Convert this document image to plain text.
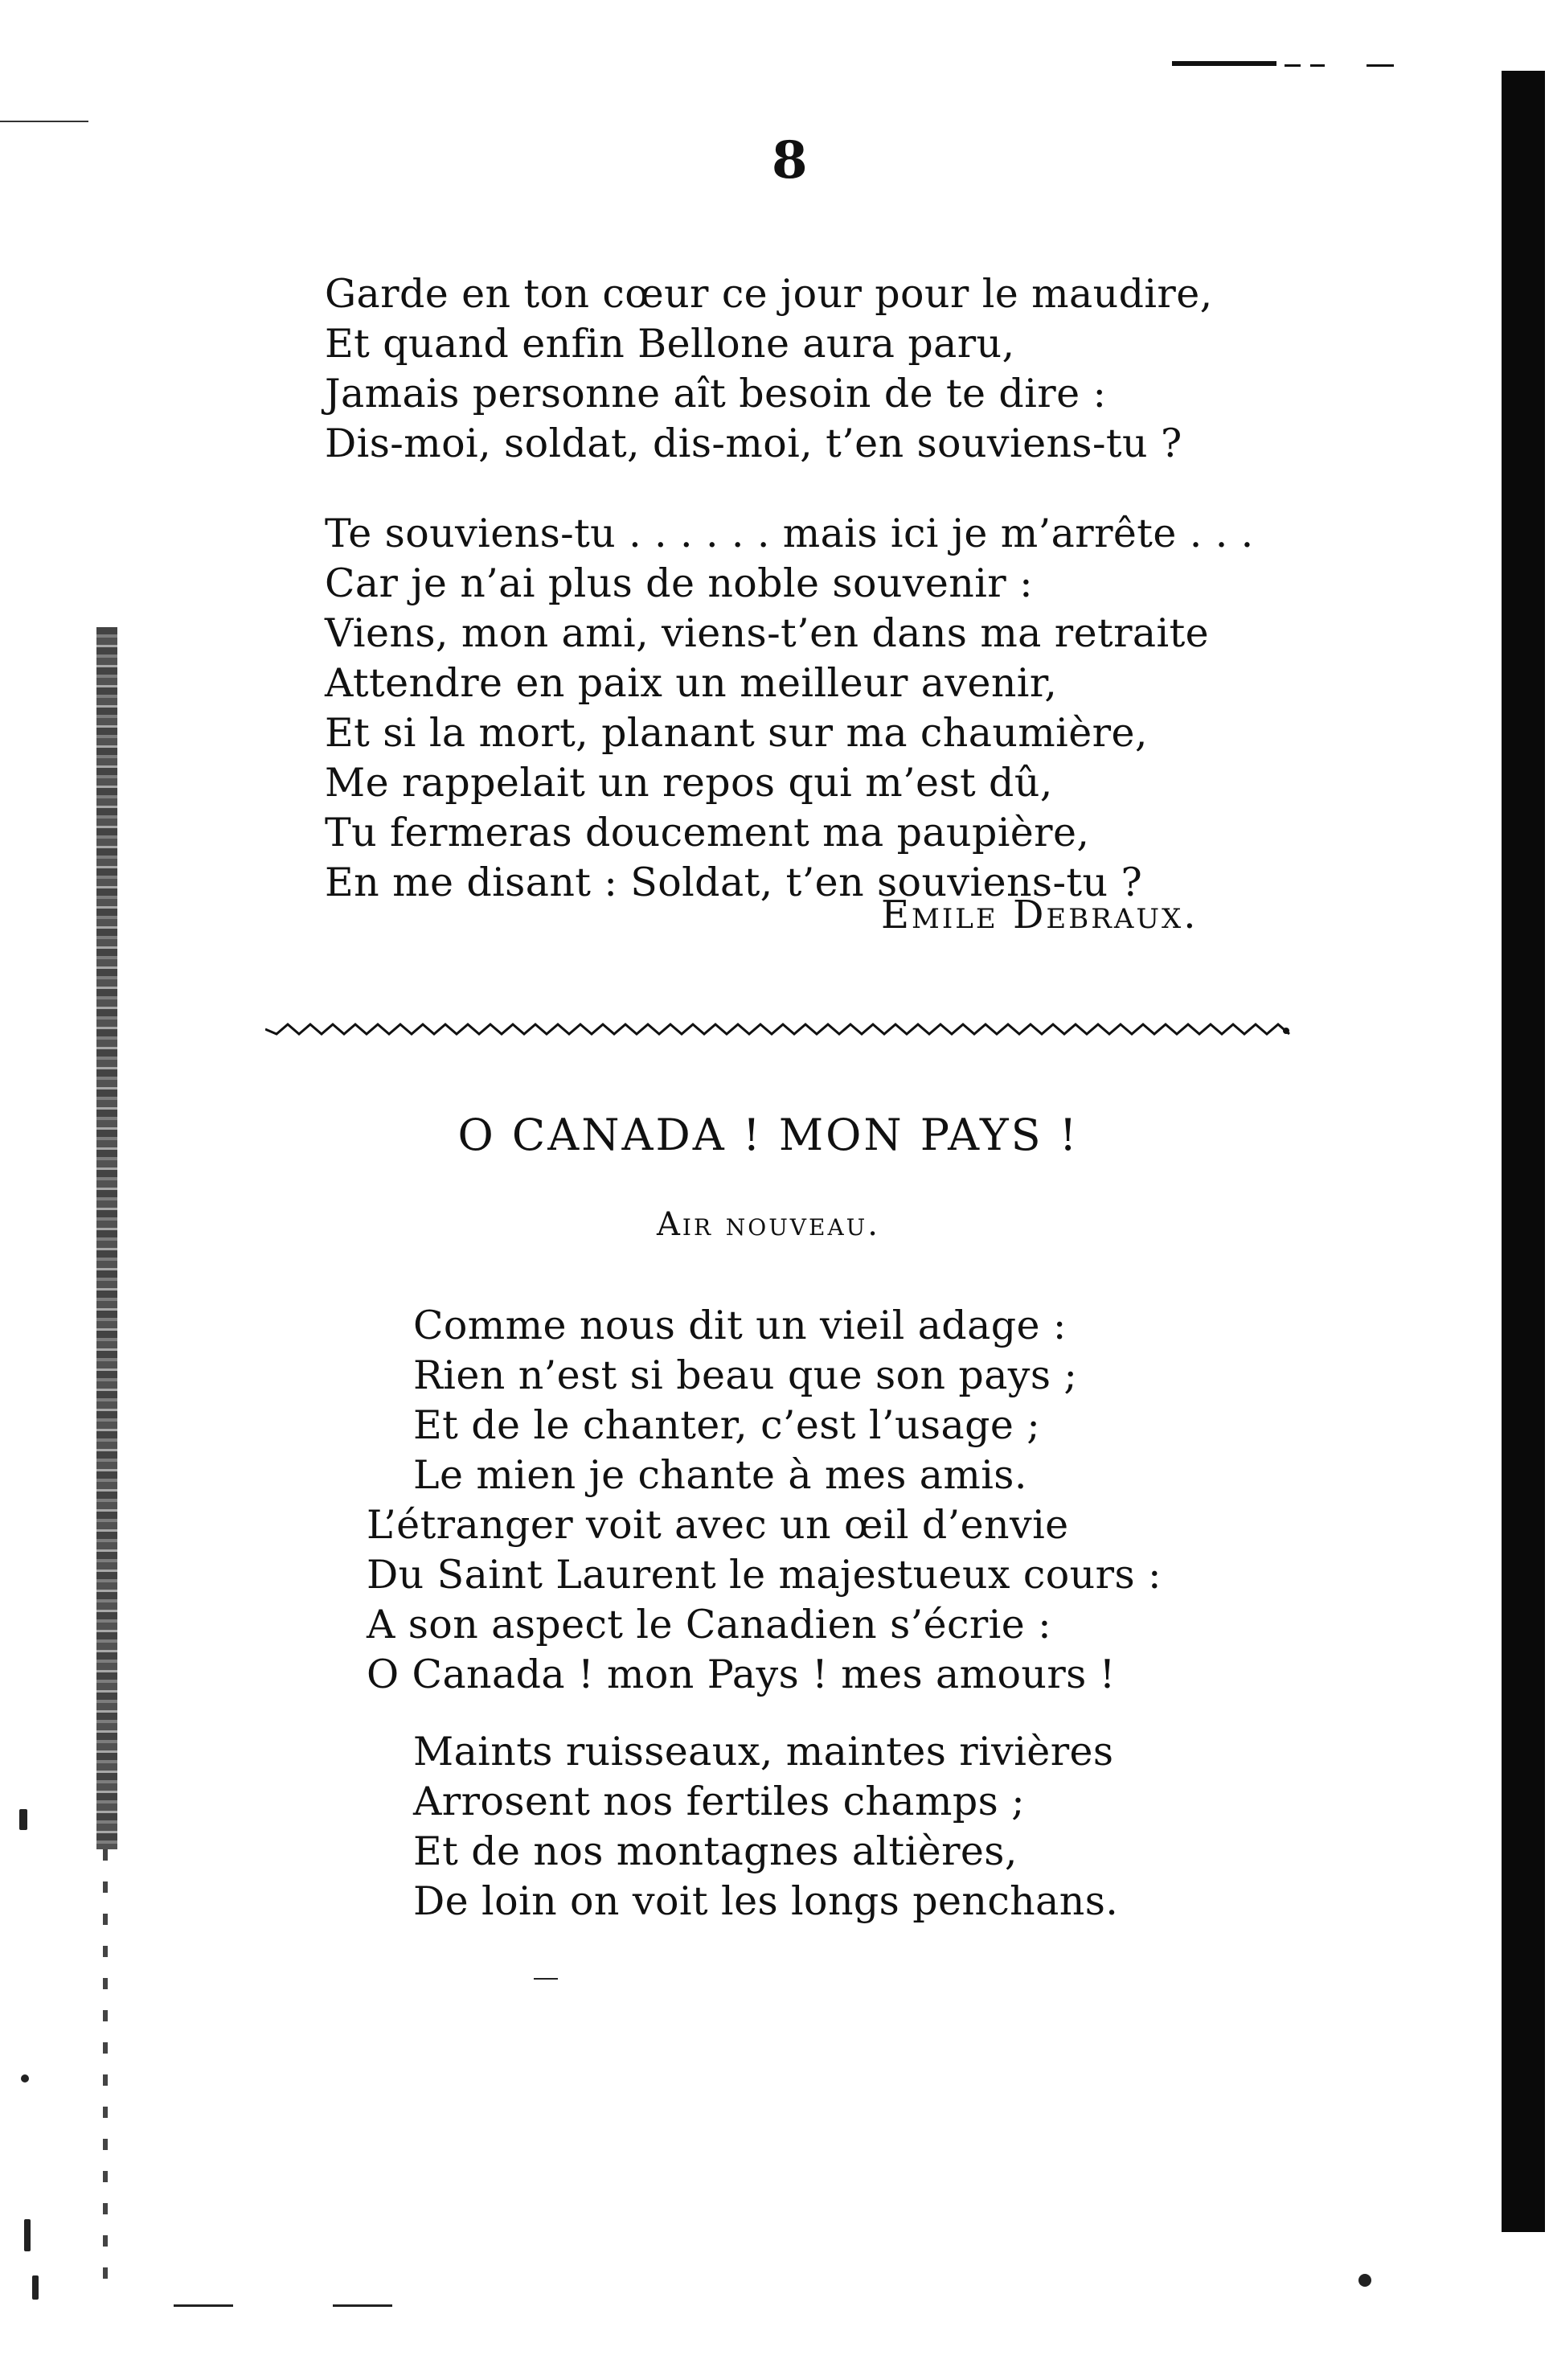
8
Garde en ton cœur ce jour pour le maudire,
Et quand enfin Bellone aura paru,
Jamais personne aît besoin de te dire :
Dis-moi, soldat, dis-moi, t’en souviens-tu ?
Te souviens-tu . . . . . . mais ici je m’arrête . . .
Car je n’ai plus de noble souvenir :
Viens, mon ami, viens-t’en dans ma retraite
Attendre en paix un meilleur avenir,
Et si la mort, planant sur ma chaumière,
Me rappelait un repos qui m’est dû,
Tu fermeras doucement ma paupière,
En me disant : Soldat, t’en souviens-tu ?
Emile Debraux.
O CANADA ! MON PAYS !
Air nouveau.
Comme nous dit un vieil adage :
Rien n’est si beau que son pays ;
Et de le chanter, c’est l’usage ;
Le mien je chante à mes amis.
L’étranger voit avec un œil d’envie
Du Saint Laurent le majestueux cours :
A son aspect le Canadien s’écrie :
O Canada ! mon Pays ! mes amours !
Maints ruisseaux, maintes rivières
Arrosent nos fertiles champs ;
Et de nos montagnes altières,
De loin on voit les longs penchans.
